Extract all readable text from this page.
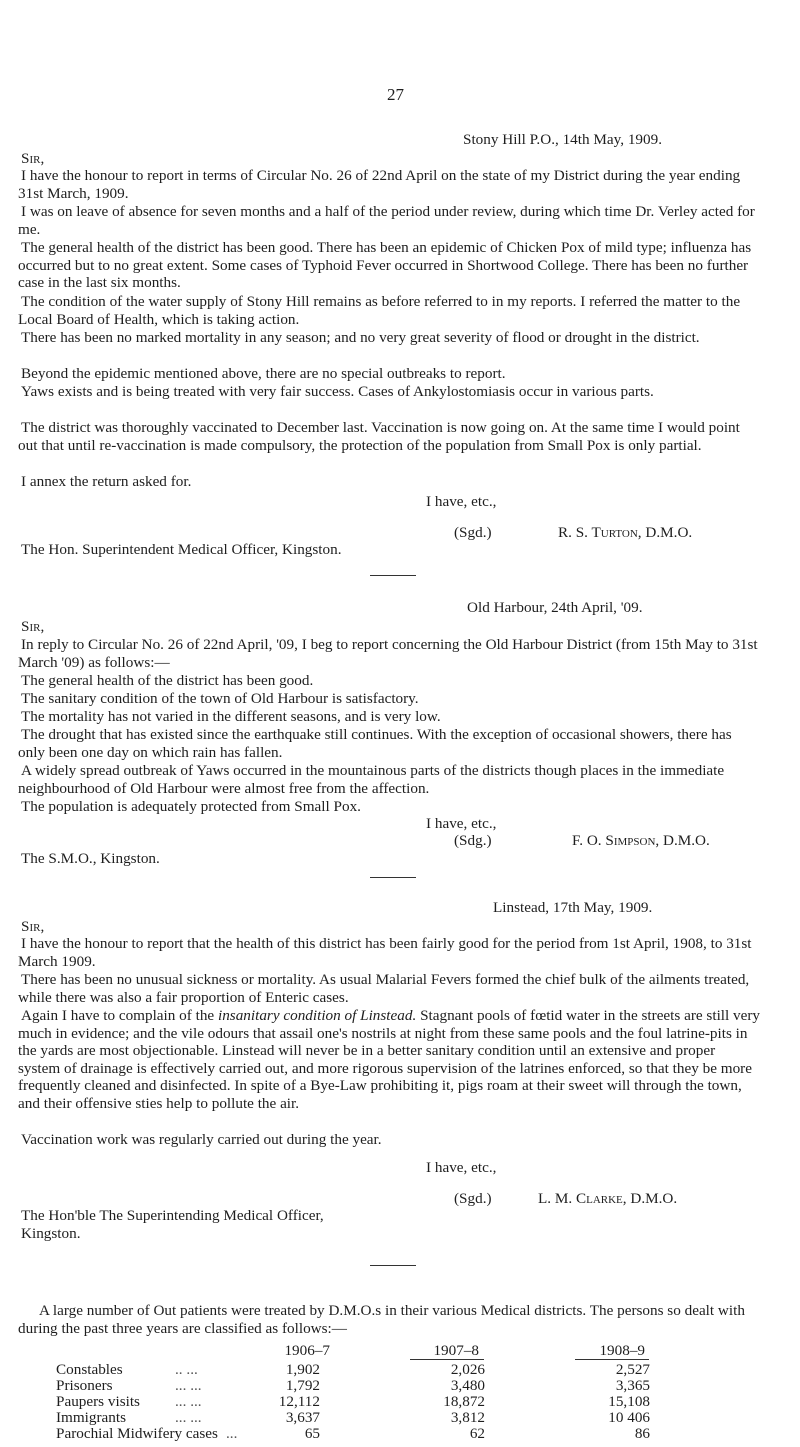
27
Stony Hill P.O., 14th May, 1909.
Sir,
I have the honour to report in terms of Circular No. 26 of 22nd April on the state of my District during the year ending 31st March, 1909.
I was on leave of absence for seven months and a half of the period under review, during which time Dr. Verley acted for me.
The general health of the district has been good. There has been an epidemic of Chicken Pox of mild type; influenza has occurred but to no great extent. Some cases of Typhoid Fever occurred in Shortwood College. There has been no further case in the last six months.
The condition of the water supply of Stony Hill remains as before referred to in my reports. I referred the matter to the Local Board of Health, which is taking action.
There has been no marked mortality in any season; and no very great severity of flood or drought in the district.
Beyond the epidemic mentioned above, there are no special outbreaks to report.
Yaws exists and is being treated with very fair success. Cases of Ankylostomiasis occur in various parts.
The district was thoroughly vaccinated to December last. Vaccination is now going on. At the same time I would point out that until re-vaccination is made compulsory, the protection of the population from Small Pox is only partial.
I annex the return asked for.
I have, etc.,
(Sgd.)	R. S. Turton, D.M.O.
The Hon. Superintendent Medical Officer, Kingston.
Old Harbour, 24th April, '09.
Sir,
In reply to Circular No. 26 of 22nd April, '09, I beg to report concerning the Old Harbour District (from 15th May to 31st March '09) as follows:—
The general health of the district has been good.
The sanitary condition of the town of Old Harbour is satisfactory.
The mortality has not varied in the different seasons, and is very low.
The drought that has existed since the earthquake still continues. With the exception of occasional showers, there has only been one day on which rain has fallen.
A widely spread outbreak of Yaws occurred in the mountainous parts of the districts though places in the immediate neighbourhood of Old Harbour were almost free from the affection.
The population is adequately protected from Small Pox.
I have, etc.,
(Sdg.)	F. O. Simpson, D.M.O.
The S.M.O., Kingston.
Linstead, 17th May, 1909.
Sir,
I have the honour to report that the health of this district has been fairly good for the period from 1st April, 1908, to 31st March 1909.
There has been no unusual sickness or mortality. As usual Malarial Fevers formed the chief bulk of the ailments treated, while there was also a fair proportion of Enteric cases.
Again I have to complain of the insanitary condition of Linstead. Stagnant pools of fœtid water in the streets are still very much in evidence; and the vile odours that assail one's nostrils at night from these same pools and the foul latrine-pits in the yards are most objectionable. Linstead will never be in a better sanitary condition until an extensive and proper system of drainage is effectively carried out, and more rigorous supervision of the latrines enforced, so that they be more frequently cleaned and disinfected. In spite of a Bye-Law prohibiting it, pigs roam at their sweet will through the town, and their offensive sties help to pollute the air.
Vaccination work was regularly carried out during the year.
I have, etc.,
(Sgd.)	L. M. Clarke, D.M.O.
The Hon'ble The Superintending Medical Officer,
Kingston.
A large number of Out patients were treated by D.M.O.s in their various Medical districts. The persons so dealt with during the past three years are classified as follows:—
1906–7	1907–8	1908–9
Constables	.. ...	1,902	2,026	2,527
Prisoners	... ...	1,792	3,480	3,365
Paupers visits ... ...	12,112	18,872	15,108
Immigrants	... ...	3,637	3,812	10 406
Parochial Midwifery cases ...	65	62	86
